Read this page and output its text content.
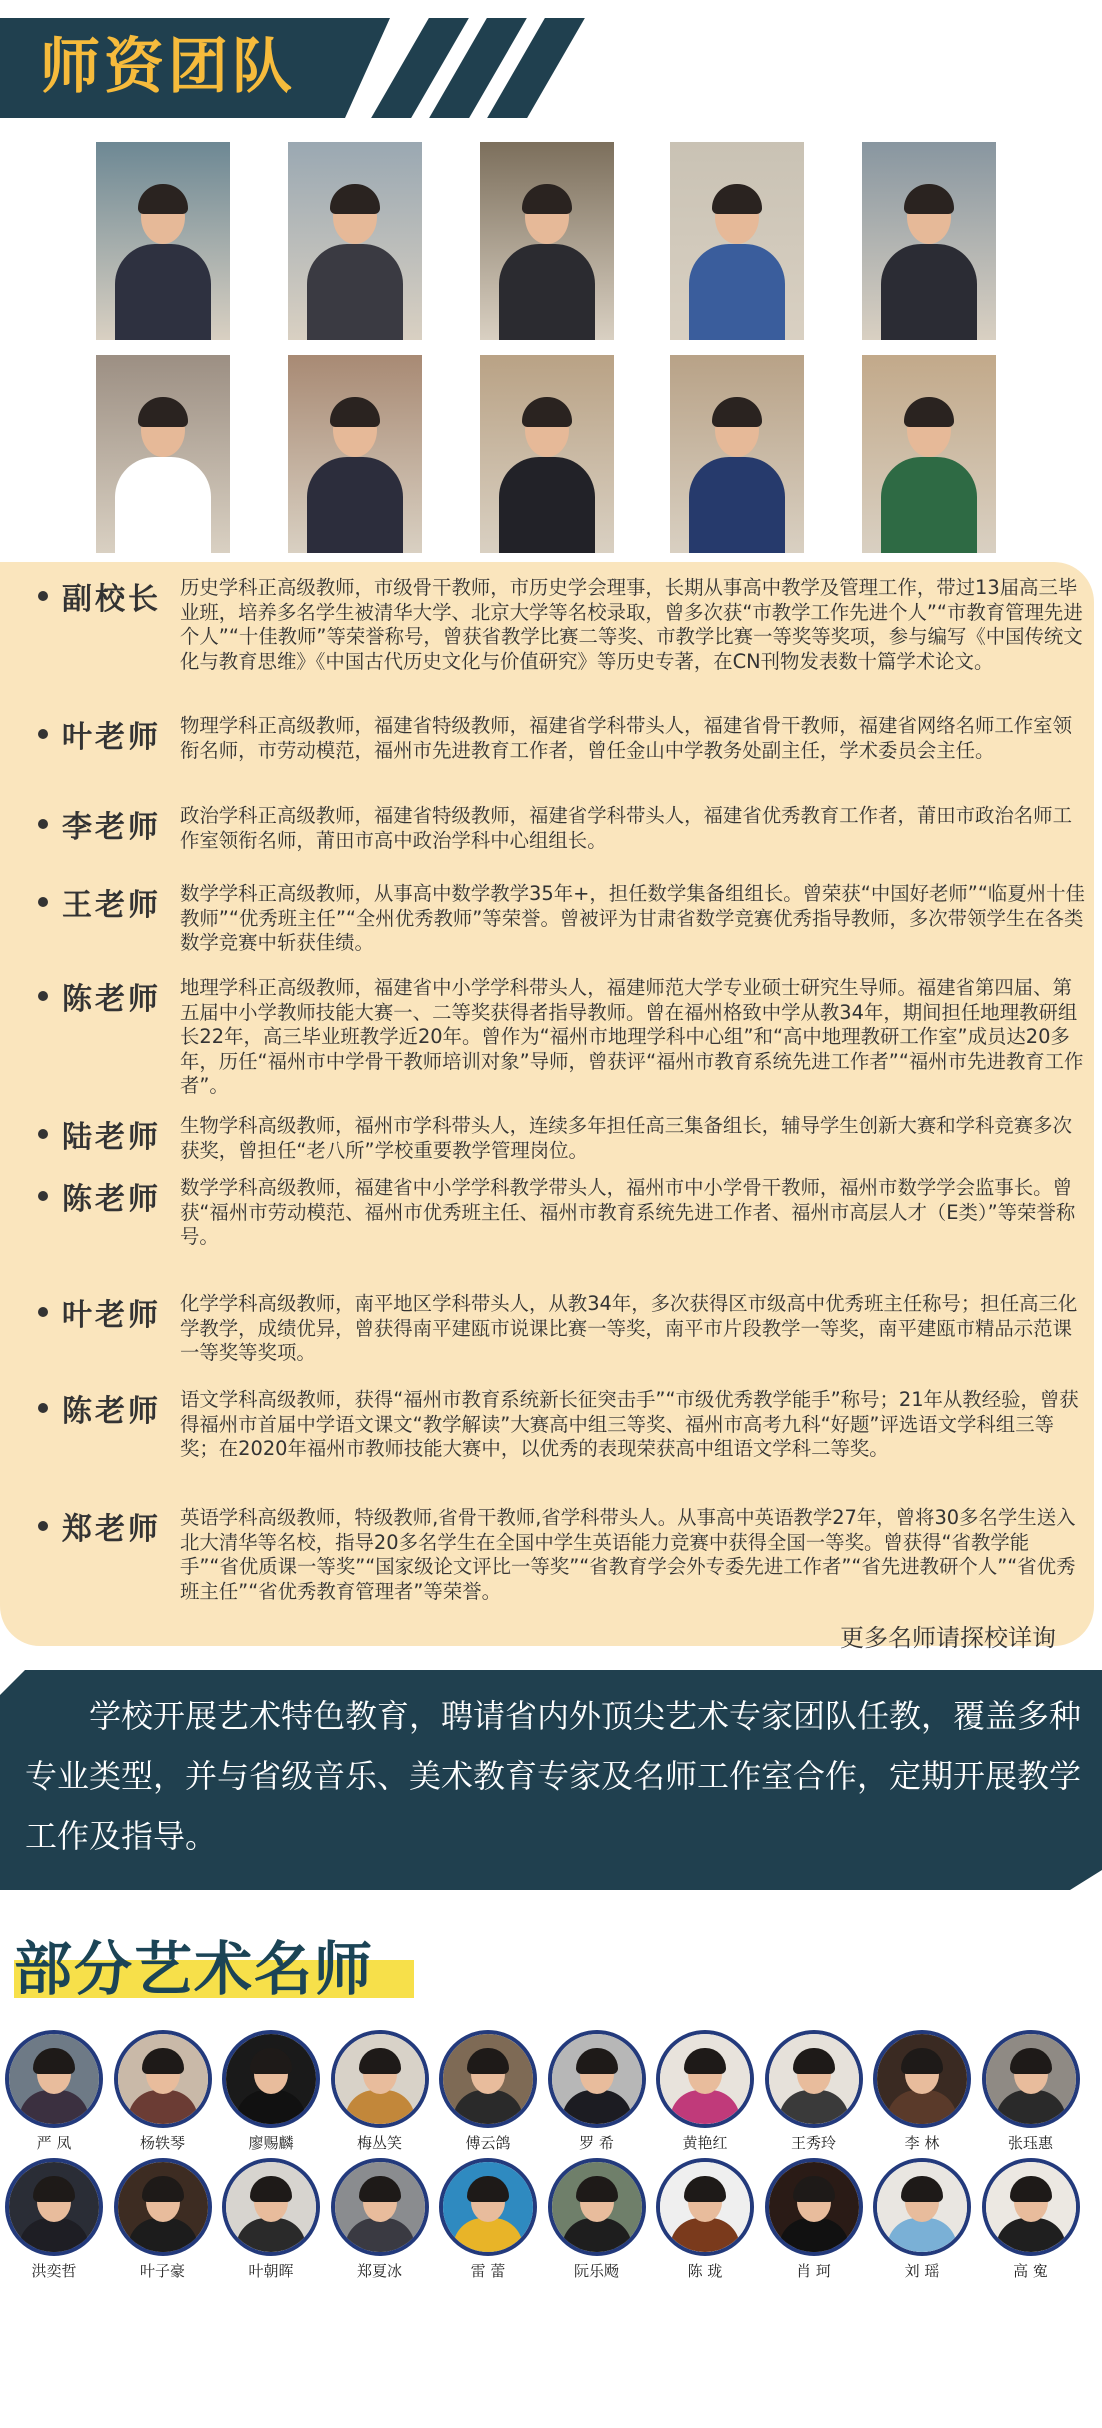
师资团队
副校长 历史学科正高级教师，市级骨干教师，市历史学会理事，长期从事高中教学及管理工作，带过13届高三毕业班，培养多名学生被清华大学、北京大学等名校录取，曾多次获“市教学工作先进个人”“市教育管理先进个人”“十佳教师”等荣誉称号，曾获省教学比赛二等奖、市教学比赛一等奖等奖项，参与编写《中国传统文化与教育思维》《中国古代历史文化与价值研究》等历史专著，在CN刊物发表数十篇学术论文。
叶老师 物理学科正高级教师，福建省特级教师，福建省学科带头人，福建省骨干教师，福建省网络名师工作室领衔名师，市劳动模范，福州市先进教育工作者，曾任金山中学教务处副主任，学术委员会主任。
李老师 政治学科正高级教师，福建省特级教师，福建省学科带头人，福建省优秀教育工作者，莆田市政治名师工作室领衔名师，莆田市高中政治学科中心组组长。
王老师 数学学科正高级教师，从事高中数学教学35年+，担任数学集备组组长。曾荣获“中国好老师”“临夏州十佳教师”“优秀班主任”“全州优秀教师”等荣誉。曾被评为甘肃省数学竞赛优秀指导教师，多次带领学生在各类数学竞赛中斩获佳绩。
陈老师 地理学科正高级教师，福建省中小学学科带头人，福建师范大学专业硕士研究生导师。福建省第四届、第五届中小学教师技能大赛一、二等奖获得者指导教师。曾在福州格致中学从教34年，期间担任地理教研组长22年，高三毕业班教学近20年。曾作为“福州市地理学科中心组”和“高中地理教研工作室”成员达20多年，历任“福州市中学骨干教师培训对象”导师，曾获评“福州市教育系统先进工作者”“福州市先进教育工作者”。
陆老师 生物学科高级教师，福州市学科带头人，连续多年担任高三集备组长，辅导学生创新大赛和学科竞赛多次获奖，曾担任“老八所”学校重要教学管理岗位。
陈老师 数学学科高级教师，福建省中小学学科教学带头人，福州市中小学骨干教师，福州市数学学会监事长。曾获“福州市劳动模范、福州市优秀班主任、福州市教育系统先进工作者、福州市高层人才（E类）”等荣誉称号。
叶老师 化学学科高级教师，南平地区学科带头人，从教34年，多次获得区市级高中优秀班主任称号；担任高三化学教学，成绩优异，曾获得南平建瓯市说课比赛一等奖，南平市片段教学一等奖，南平建瓯市精品示范课一等奖等奖项。
陈老师 语文学科高级教师，获得“福州市教育系统新长征突击手”“市级优秀教学能手”称号；21年从教经验，曾获得福州市首届中学语文课文“教学解读”大赛高中组三等奖、福州市高考九科“好题”评选语文学科组三等奖；在2020年福州市教师技能大赛中，以优秀的表现荣获高中组语文学科二等奖。
郑老师 英语学科高级教师，特级教师,省骨干教师,省学科带头人。从事高中英语教学27年，曾将30多名学生送入北大清华等名校，指导20多名学生在全国中学生英语能力竞赛中获得全国一等奖。曾获得“省教学能手”“省优质课一等奖”“国家级论文评比一等奖”“省教育学会外专委先进工作者”“省先进教研个人”“省优秀班主任”“省优秀教育管理者”等荣誉。
更多名师请探校详询
学校开展艺术特色教育，聘请省内外顶尖艺术专家团队任教，覆盖多种专业类型，并与省级音乐、美术教育专家及名师工作室合作，定期开展教学工作及指导。
部分艺术名师
严 凤	杨轶琴	廖赐麟	梅丛笑	傅云鸽	罗 希	黄艳红	王秀玲	李 林	张珏惠
洪奕哲	叶子豪	叶朝晖	郑夏冰	雷 蕾	阮乐飏	陈 珑	肖 珂	刘 瑶	高 寃
